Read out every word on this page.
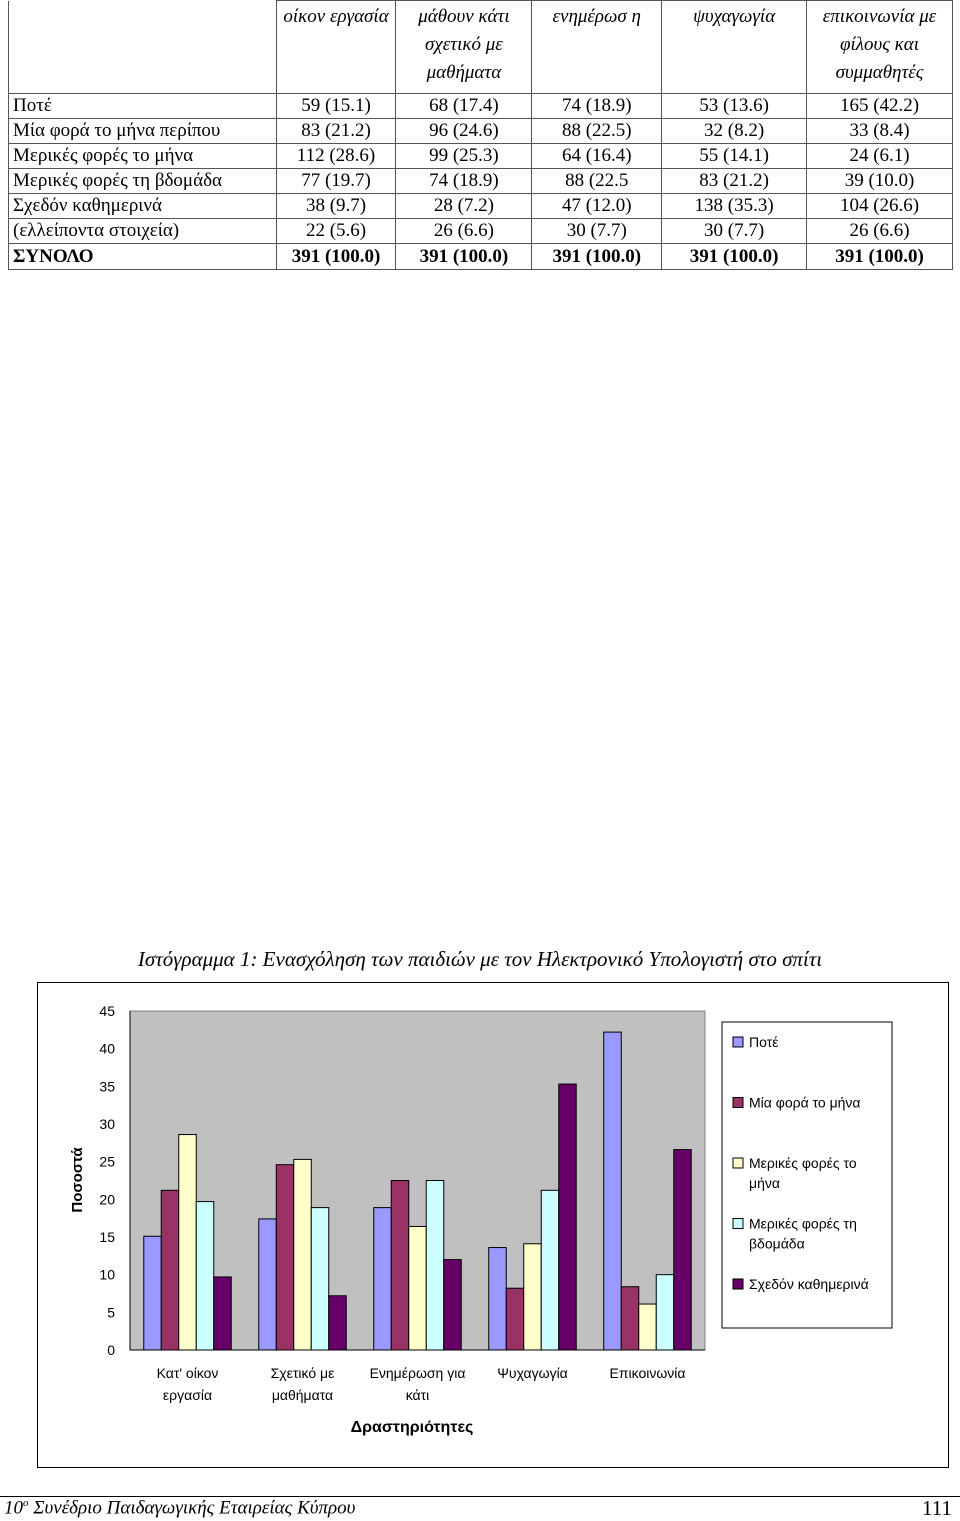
	οίκον εργασία	μάθουν κάτι σχετικό με μαθήματα	ενημέρωσ η	ψυχαγωγία	επικοινωνία με φίλους και συμμαθητές
Ποτέ	59 (15.1)	68 (17.4)	74 (18.9)	53 (13.6)	165 (42.2)
Μία φορά το μήνα περίπου	83 (21.2)	96 (24.6)	88 (22.5)	32 (8.2)	33 (8.4)
Μερικές φορές το μήνα	112 (28.6)	99 (25.3)	64 (16.4)	55 (14.1)	24 (6.1)
Μερικές φορές τη βδομάδα	77 (19.7)	74 (18.9)	88 (22.5	83 (21.2)	39 (10.0)
Σχεδόν καθημερινά	38 (9.7)	28 (7.2)	47 (12.0)	138 (35.3)	104 (26.6)
(ελλείποντα στοιχεία)	22 (5.6)	26 (6.6)	30 (7.7)	30 (7.7)	26 (6.6)
ΣΥΝΟΛΟ	391 (100.0)	391 (100.0)	391 (100.0)	391 (100.0)	391 (100.0)
Ιστόγραμμα 1: Ενασχόληση των παιδιών με τον Ηλεκτρονικό Υπολογιστή στο σπίτι
0
5
10
15
20
25
30
35
40
45
Κατ' οίκον
εργασία
Σχετικό με
μαθήματα
Ενημέρωση για
κάτι
Ψυχαγωγία	Επικοινωνία
Ποσοστά
Δραστηριότητες
Ποτέ
Μία φορά το μήνα
Μερικές φορές το
μήνα
Μερικές φορές τη
βδομάδα
Σχεδόν καθημερινά
$10^o$ Συνέδριο Παιδαγωγικής Εταιρείας Κύπρου	111
